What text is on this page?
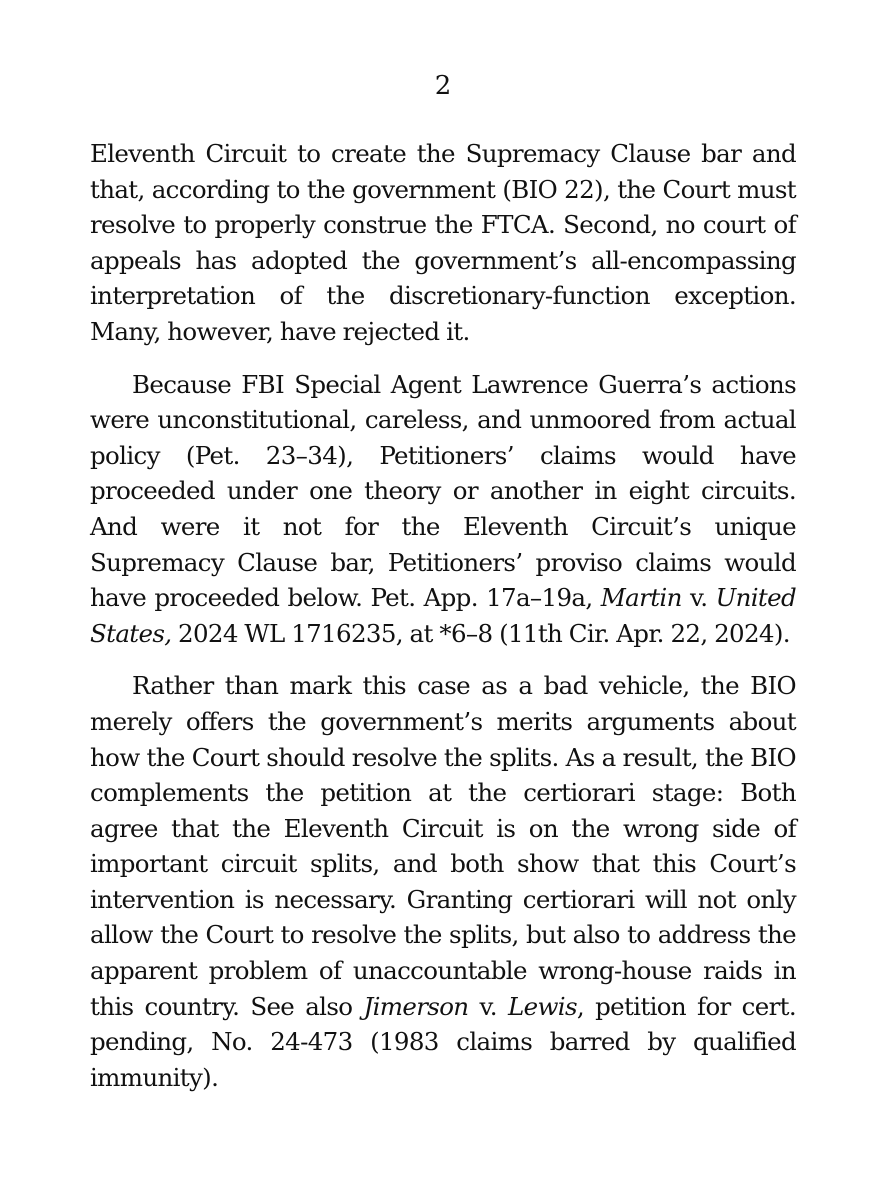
2

Eleventh Circuit to create the Supremacy Clause bar and that, according to the government (BIO 22), the Court must resolve to properly construe the FTCA. Second, no court of appeals has adopted the government’s all-encompassing interpretation of the discretionary-function exception. Many, however, have rejected it.

Because FBI Special Agent Lawrence Guerra’s actions were unconstitutional, careless, and unmoored from actual policy (Pet. 23–34), Petitioners’ claims would have proceeded under one theory or another in eight circuits. And were it not for the Eleventh Circuit’s unique Supremacy Clause bar, Petitioners’ proviso claims would have proceeded below. Pet. App. 17a–19a, Martin v. United States, 2024 WL 1716235, at *6–8 (11th Cir. Apr. 22, 2024).

Rather than mark this case as a bad vehicle, the BIO merely offers the government’s merits arguments about how the Court should resolve the splits. As a result, the BIO complements the petition at the certiorari stage: Both agree that the Eleventh Circuit is on the wrong side of important circuit splits, and both show that this Court’s intervention is necessary. Granting certiorari will not only allow the Court to resolve the splits, but also to address the apparent problem of unaccountable wrong-house raids in this country. See also Jimerson v. Lewis, petition for cert. pending, No. 24-473 (1983 claims barred by qualified immunity).
